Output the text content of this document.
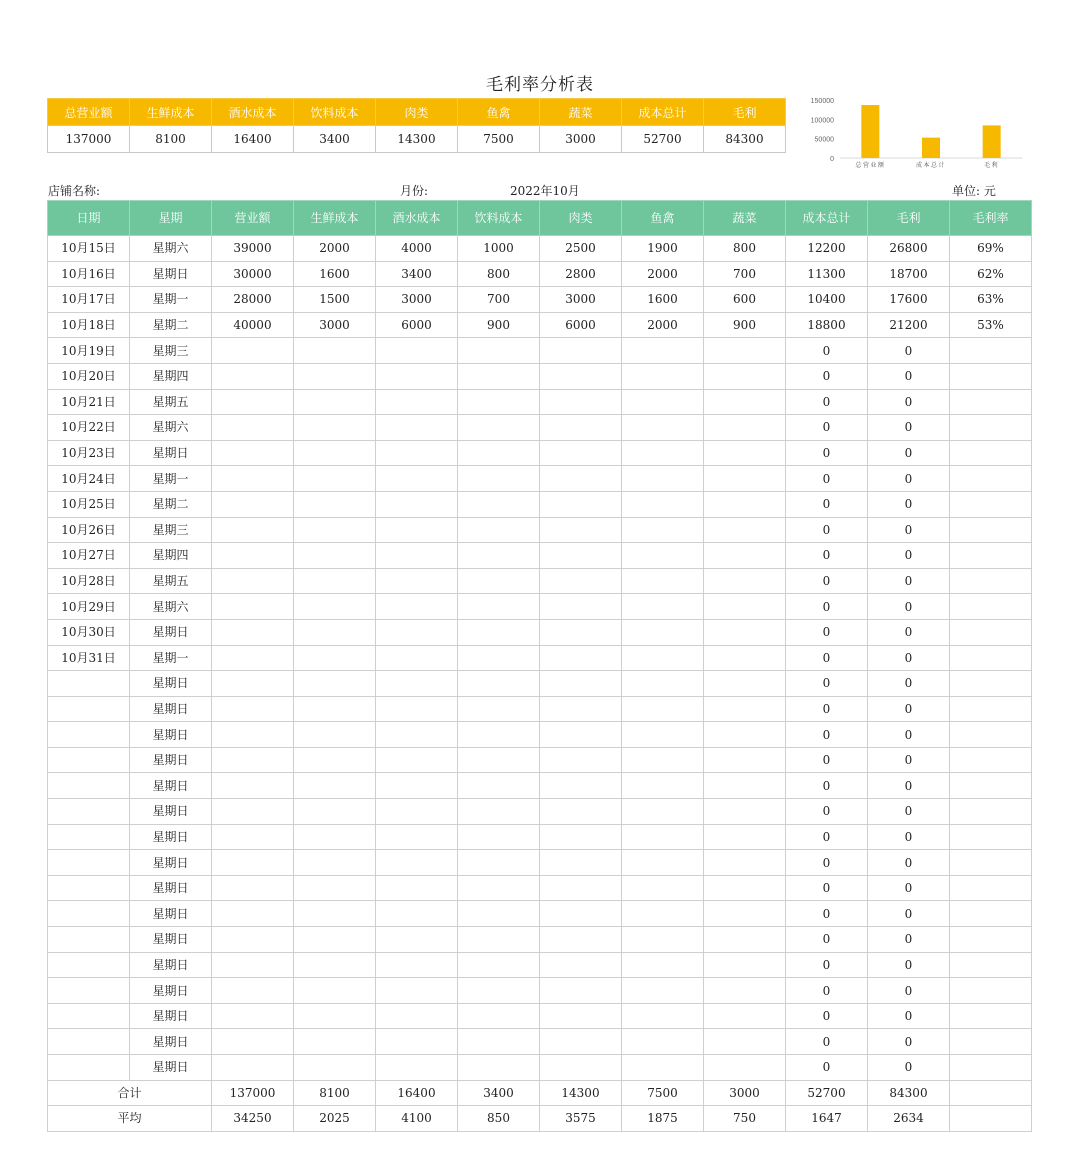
毛利率分析表
总营业额	生鲜成本	酒水成本	饮料成本	肉类	鱼禽	蔬菜	成本总计	毛利
137000	8100	16400	3400	14300	7500	3000	52700	84300
0
50000
100000
150000
总营业额	成本总计	毛利
店铺名称:	月份:	2022年10月	单位: 元
日期	星期	营业额	生鲜成本	酒水成本	饮料成本	肉类	鱼禽	蔬菜	成本总计	毛利	毛利率
10月15日	星期六	39000	2000	4000	1000	2500	1900	800	12200	26800	69%
10月16日	星期日	30000	1600	3400	800	2800	2000	700	11300	18700	62%
10月17日	星期一	28000	1500	3000	700	3000	1600	600	10400	17600	63%
10月18日	星期二	40000	3000	6000	900	6000	2000	900	18800	21200	53%
10月19日	星期三								0	0	
10月20日	星期四								0	0	
10月21日	星期五								0	0	
10月22日	星期六								0	0	
10月23日	星期日								0	0	
10月24日	星期一								0	0	
10月25日	星期二								0	0	
10月26日	星期三								0	0	
10月27日	星期四								0	0	
10月28日	星期五								0	0	
10月29日	星期六								0	0	
10月30日	星期日								0	0	
10月31日	星期一								0	0	
	星期日								0	0	
	星期日								0	0	
	星期日								0	0	
	星期日								0	0	
	星期日								0	0	
	星期日								0	0	
	星期日								0	0	
	星期日								0	0	
	星期日								0	0	
	星期日								0	0	
	星期日								0	0	
	星期日								0	0	
	星期日								0	0	
	星期日								0	0	
	星期日								0	0	
	星期日								0	0	
合计		137000	8100	16400	3400	14300	7500	3000	52700	84300	
平均		34250	2025	4100	850	3575	1875	750	1647	2634	
